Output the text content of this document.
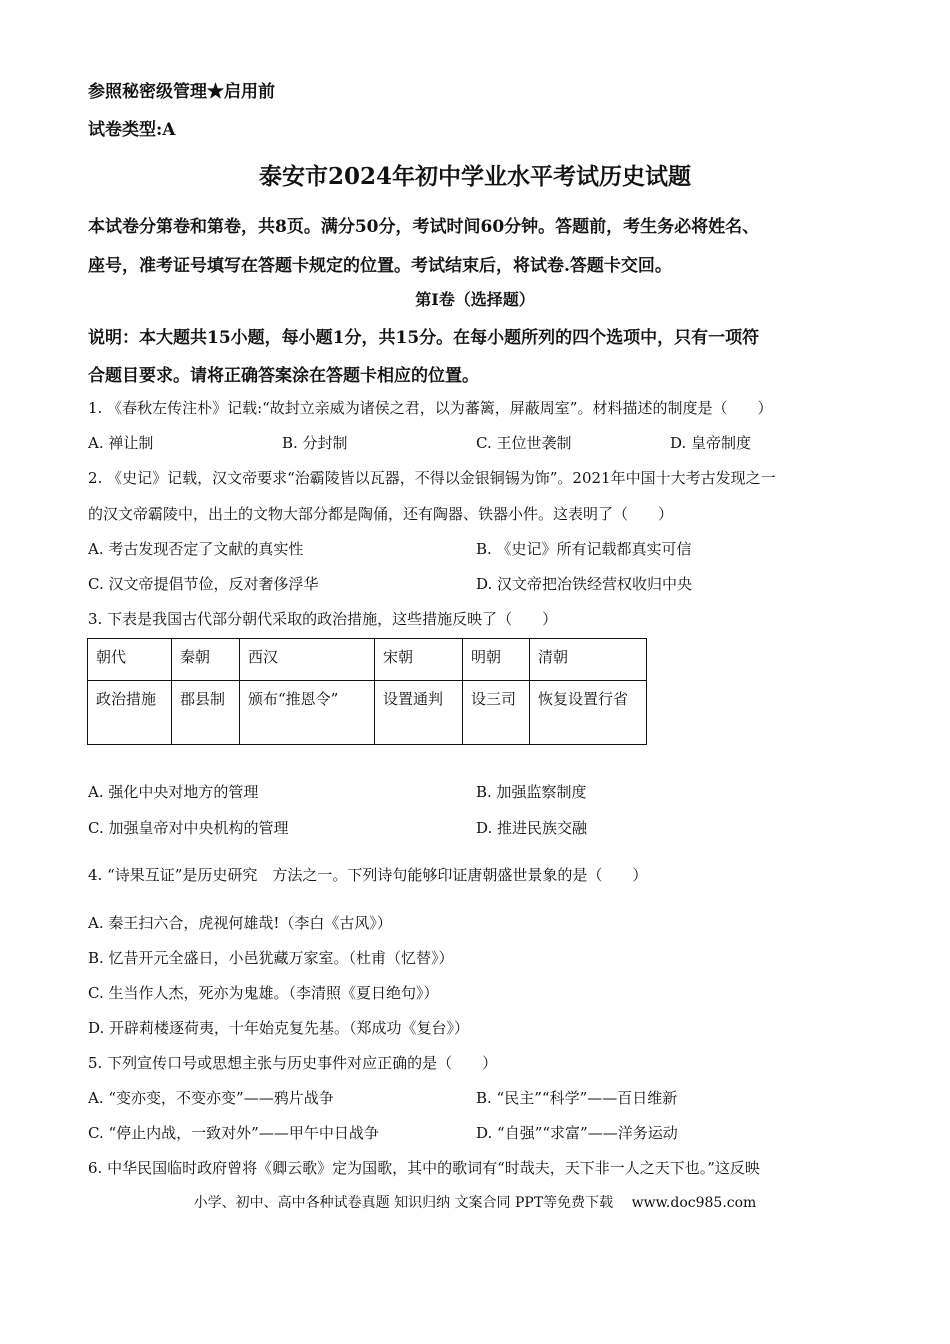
参照秘密级管理★启用前
试卷类型:A
泰安市2024年初中学业水平考试历史试题
本试卷分第卷和第卷，共8页。满分50分，考试时间60分钟。答题前，考生务必将姓名、
座号，准考证号填写在答题卡规定的位置。考试结束后，将试卷.答题卡交回。
第Ⅰ卷（选择题）
说明：本大题共15小题，每小题1分，共15分。在每小题所列的四个选项中，只有一项符
合题目要求。请将正确答案涂在答题卡相应的位置。
1. 《春秋左传注朴》记载:“故封立亲威为诸侯之君，以为蕃篱，屏蔽周室”。材料描述的制度是（　　）
A. 禅让制	B. 分封制	C. 王位世袭制	D. 皇帝制度
2. 《史记》记载，汉文帝要求“治霸陵皆以瓦器，不得以金银铜锡为饰”。2021年中国十大考古发现之一
的汉文帝霸陵中，出土的文物大部分都是陶俑，还有陶器、铁器小件。这表明了（　　）
A. 考古发现否定了文献的真实性	B. 《史记》所有记载都真实可信
C. 汉文帝提倡节俭，反对奢侈浮华	D. 汉文帝把冶铁经营权收归中央
3. 下表是我国古代部分朝代采取的政治措施，这些措施反映了（　　）
朝代	秦朝	西汉	宋朝	明朝	清朝
政治措施	郡县制	颁布“推恩令”	设置通判	设三司	恢复设置行省
A. 强化中央对地方的管理	B. 加强监察制度
C. 加强皇帝对中央机构的管理	D. 推进民族交融
4. “诗果互证”是历史研究　方法之一。下列诗句能够印证唐朝盛世景象的是（　　）
A. 秦王扫六合，虎视何雄哉!（李白《古风》）
B. 忆昔开元全盛日，小邑犹藏万家室。（杜甫（忆替》）
C. 生当作人杰，死亦为鬼雄。（李清照《夏日绝句》）
D. 开辟莉楼逐荷夷，十年始克复先基。（郑成功《复台》）
5. 下列宣传口号或思想主张与历史事件对应正确的是（　　）
A. “变亦变，不变亦变”——鸦片战争	B. “民主”“科学”——百日维新
C. “停止内战，一致对外”——甲午中日战争	D. “自强”“求富”——洋务运动
6. 中华民国临时政府曾将《卿云歌》定为国歌，其中的歌词有“时哉夫，天下非一人之天下也。”这反映
小学、初中、高中各种试卷真题 知识归纳 文案合同 PPT等免费下载　 www.doc985.com
